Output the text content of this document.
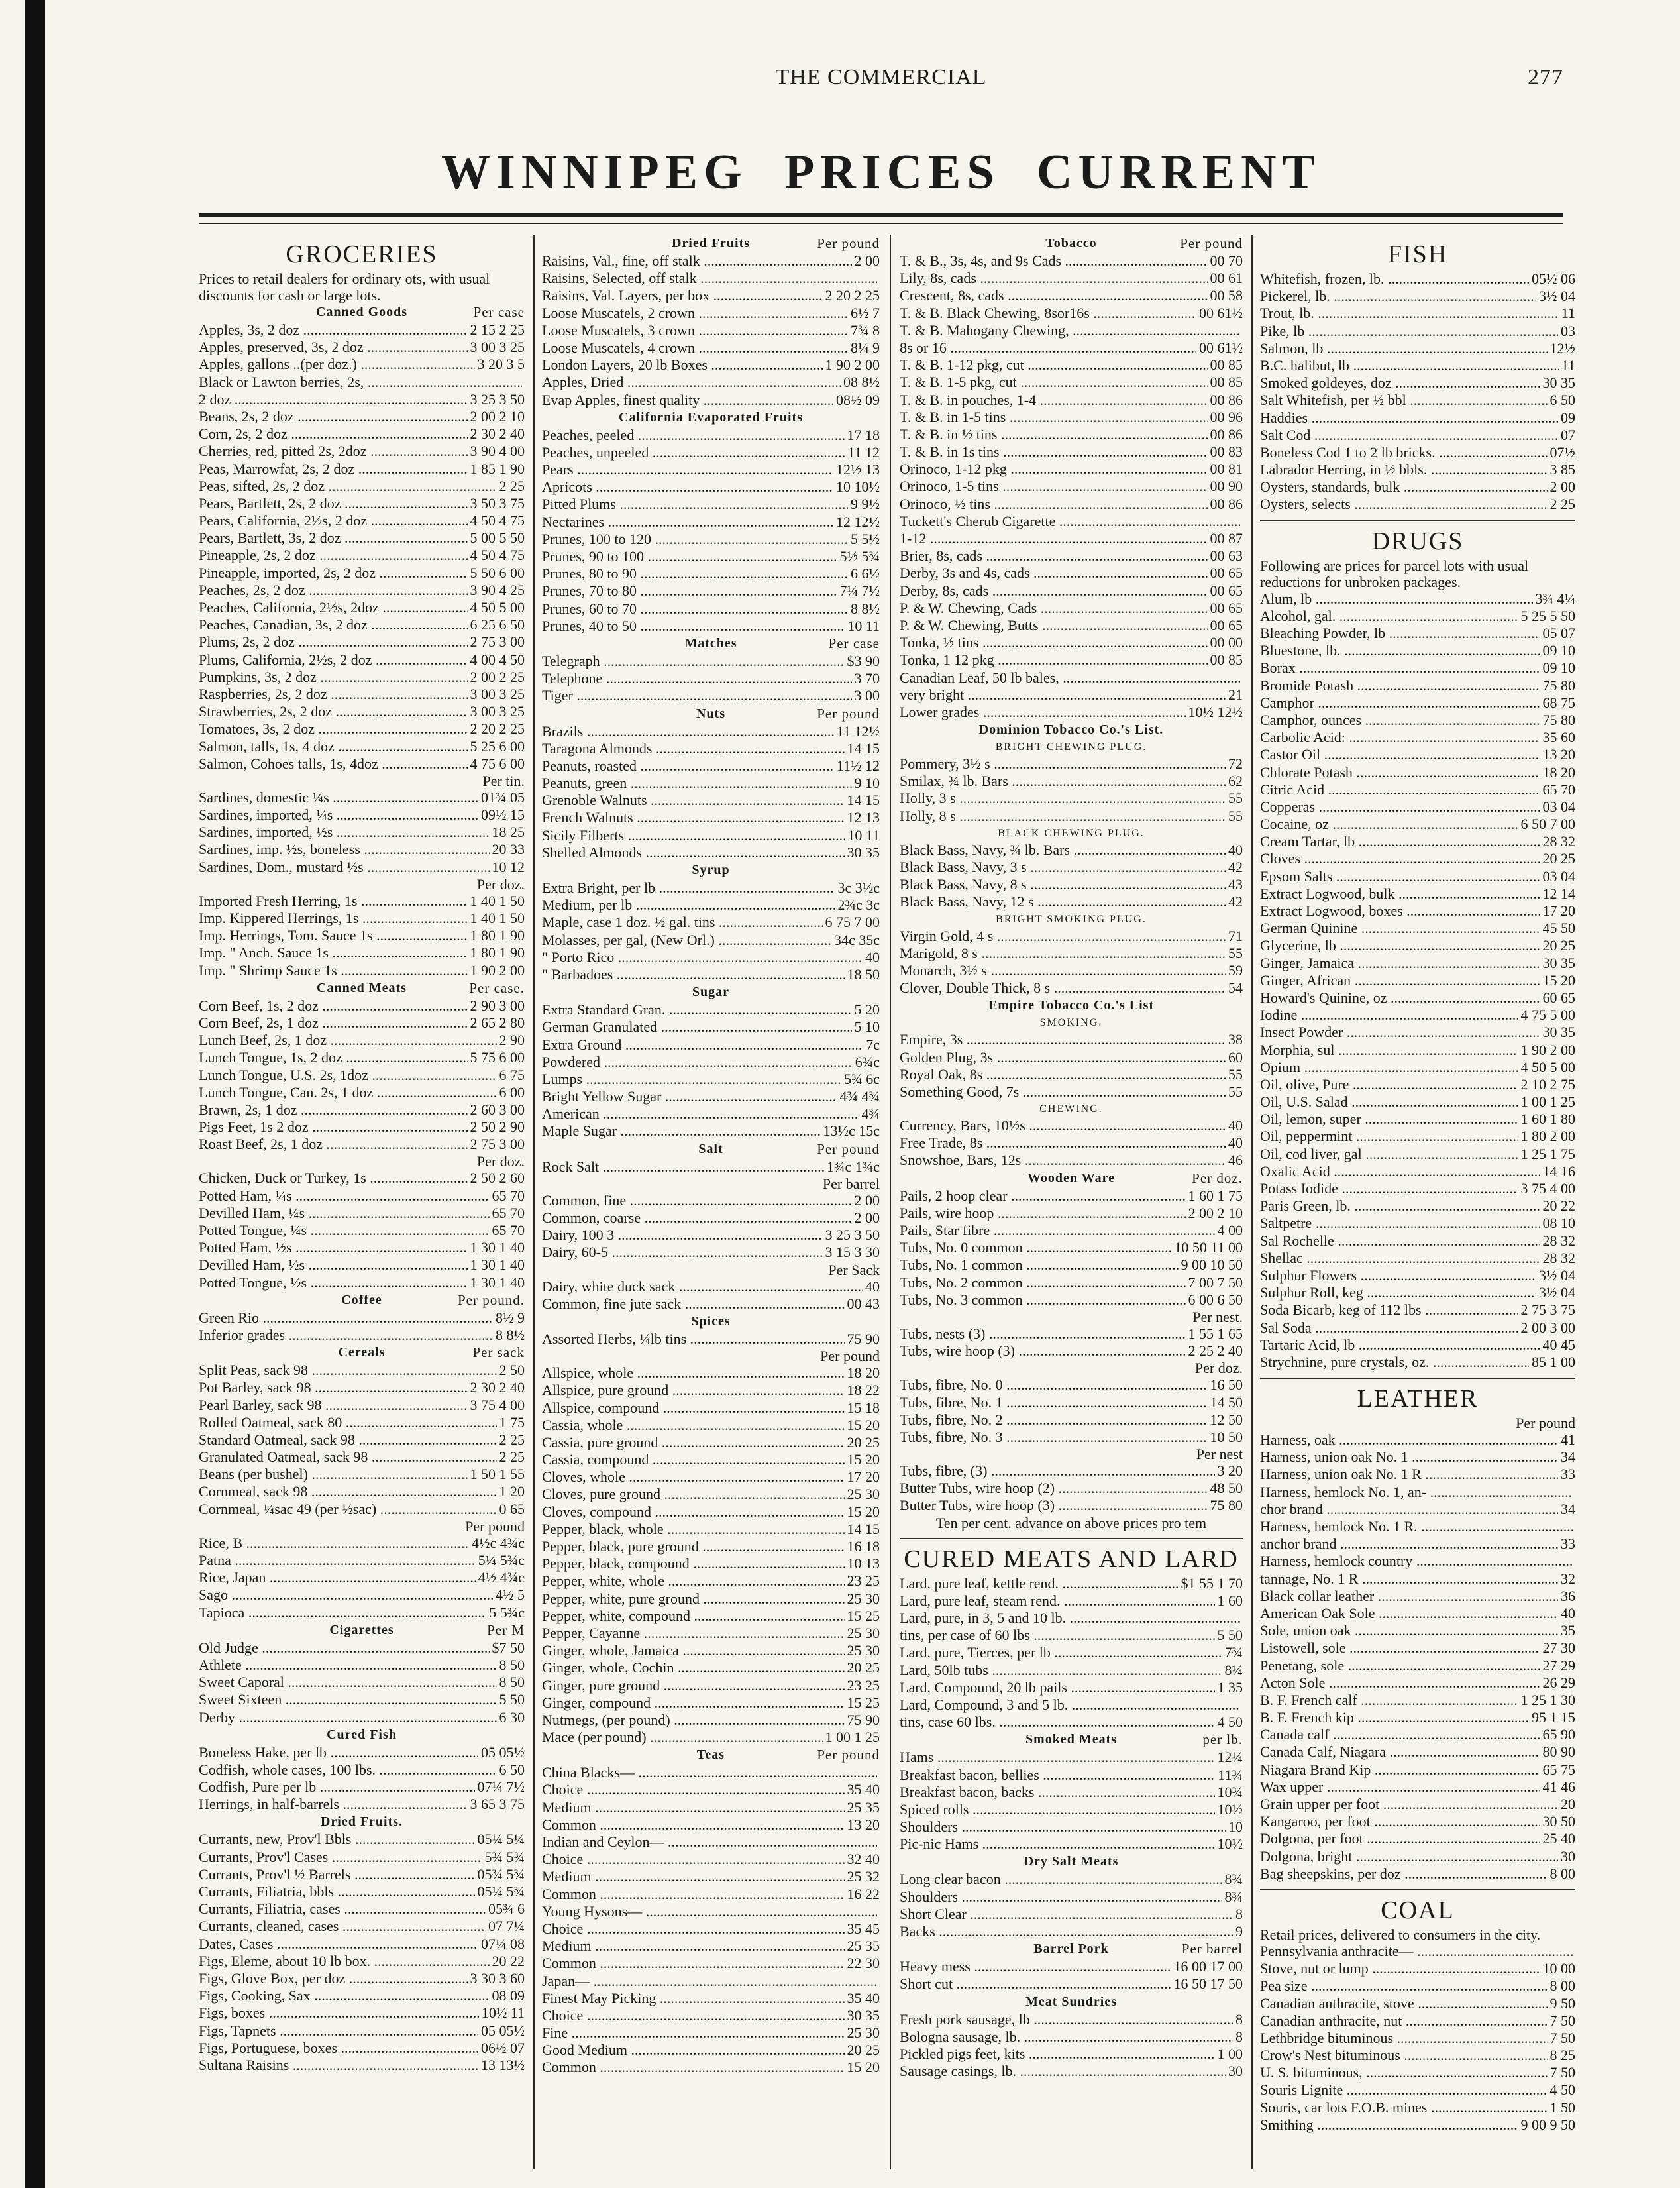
THE COMMERCIAL	277
WINNIPEG PRICES CURRENT
GROCERIES
Prices to retail dealers for ordinary ots, with usual discounts for cash or large lots.
Canned Goods	Per case
Apples, 3s, 2 doz .....	2 15 2 25
Apples, preserved, 3s, 2 doz .....	3 00 3 25
Apples, gallons ..(per doz.) .....	3 20 3 5
Black or Lawton berries, 2s, .....
2 doz .....	3 25 3 50
Beans, 2s, 2 doz .....	2 00 2 10
Corn, 2s, 2 doz .....	2 30 2 40
Cherries, red, pitted 2s, 2doz .....	3 90 4 00
Peas, Marrowfat, 2s, 2 doz .....	1 85 1 90
Peas, sifted, 2s, 2 doz .....	2 25
Pears, Bartlett, 2s, 2 doz .....	3 50 3 75
Pears, California, 2½s, 2 doz .....	4 50 4 75
Pears, Bartlett, 3s, 2 doz .....	5 00 5 50
Pineapple, 2s, 2 doz .....	4 50 4 75
Pineapple, imported, 2s, 2 doz .....	5 50 6 00
Peaches, 2s, 2 doz .....	3 90 4 25
Peaches, California, 2½s, 2doz .....	4 50 5 00
Peaches, Canadian, 3s, 2 doz .....	6 25 6 50
Plums, 2s, 2 doz .....	2 75 3 00
Plums, California, 2½s, 2 doz .....	4 00 4 50
Pumpkins, 3s, 2 doz .....	2 00 2 25
Raspberries, 2s, 2 doz .....	3 00 3 25
Strawberries, 2s, 2 doz .....	3 00 3 25
Tomatoes, 3s, 2 doz .....	2 20 2 25
Salmon, talls, 1s, 4 doz .....	5 25 6 00
Salmon, Cohoes talls, 1s, 4doz .....	4 75 6 00
Per tin.
Sardines, domestic ¼s .....	01¾ 05
Sardines, imported, ¼s .....	09½ 15
Sardines, imported, ½s .....	18 25
Sardines, imp. ½s, boneless .....	20 33
Sardines, Dom., mustard ½s .....	10 12
Per doz.
Imported Fresh Herring, 1s .....	1 40 1 50
Imp. Kippered Herrings, 1s .....	1 40 1 50
Imp. Herrings, Tom. Sauce 1s .....	1 80 1 90
Imp. " Anch. Sauce 1s .....	1 80 1 90
Imp. " Shrimp Sauce 1s .....	1 90 2 00
Canned Meats	Per case.
Corn Beef, 1s, 2 doz .....	2 90 3 00
Corn Beef, 2s, 1 doz .....	2 65 2 80
Lunch Beef, 2s, 1 doz .....	2 90
Lunch Tongue, 1s, 2 doz .....	5 75 6 00
Lunch Tongue, U.S. 2s, 1doz .....	6 75
Lunch Tongue, Can. 2s, 1 doz .....	6 00
Brawn, 2s, 1 doz .....	2 60 3 00
Pigs Feet, 1s 2 doz .....	2 50 2 90
Roast Beef, 2s, 1 doz .....	2 75 3 00
Per doz.
Chicken, Duck or Turkey, 1s .....	2 50 2 60
Potted Ham, ¼s .....	65 70
Devilled Ham, ¼s .....	65 70
Potted Tongue, ¼s .....	65 70
Potted Ham, ½s .....	1 30 1 40
Devilled Ham, ½s .....	1 30 1 40
Potted Tongue, ½s .....	1 30 1 40
Coffee	Per pound.
Green Rio .....	8½ 9
Inferior grades .....	8 8½
Cereals	Per sack
Split Peas, sack 98 .....	2 50
Pot Barley, sack 98 .....	2 30 2 40
Pearl Barley, sack 98 .....	3 75 4 00
Rolled Oatmeal, sack 80 .....	1 75
Standard Oatmeal, sack 98 .....	2 25
Granulated Oatmeal, sack 98 .....	2 25
Beans (per bushel) .....	1 50 1 55
Cornmeal, sack 98 .....	1 20
Cornmeal, ¼sac 49 (per ½sac) .....	0 65
Per pound
Rice, B .....	4½c 4¾c
Patna .....	5¼ 5¾c
Rice, Japan .....	4½ 4¾c
Sago .....	4½ 5
Tapioca .....	5 5¾c
Cigarettes	Per M
Old Judge .....	$7 50
Athlete .....	8 50
Sweet Caporal .....	8 50
Sweet Sixteen .....	5 50
Derby .....	6 30
Cured Fish
Boneless Hake, per lb .....	05 05½
Codfish, whole cases, 100 lbs. .....	6 50
Codfish, Pure per lb .....	07¼ 7½
Herrings, in half-barrels .....	3 65 3 75
Dried Fruits.
Currants, new, Prov'l Bbls .....	05¼ 5¼
Currants, Prov'l Cases .....	5¾ 5¾
Currants, Prov'l ½ Barrels .....	05¾ 5¾
Currants, Filiatria, bbls .....	05¼ 5¾
Currants, Filiatria, cases .....	05¾ 6
Currants, cleaned, cases .....	07 7¼
Dates, Cases .....	07¼ 08
Figs, Eleme, about 10 lb box. .....	20 22
Figs, Glove Box, per doz .....	3 30 3 60
Figs, Cooking, Sax .....	08 09
Figs, boxes .....	10½ 11
Figs, Tapnets .....	05 05½
Figs, Portuguese, boxes .....	06½ 07
Sultana Raisins .....	13 13½
Dried Fruits	Per pound
Raisins, Val., fine, off stalk .....	2 00
Raisins, Selected, off stalk .....
Raisins, Val. Layers, per box .....	2 20 2 25
Loose Muscatels, 2 crown .....	6½ 7
Loose Muscatels, 3 crown .....	7¾ 8
Loose Muscatels, 4 crown .....	8¼ 9
London Layers, 20 lb Boxes .....	1 90 2 00
Apples, Dried .....	08 8½
Evap Apples, finest quality .....	08½ 09
California Evaporated Fruits
Peaches, peeled .....	17 18
Peaches, unpeeled .....	11 12
Pears .....	12½ 13
Apricots .....	10 10½
Pitted Plums .....	9 9½
Nectarines .....	12 12½
Prunes, 100 to 120 .....	5 5½
Prunes, 90 to 100 .....	5½ 5¾
Prunes, 80 to 90 .....	6 6½
Prunes, 70 to 80 .....	7¼ 7½
Prunes, 60 to 70 .....	8 8½
Prunes, 40 to 50 .....	10 11
Matches	Per case
Telegraph .....	$3 90
Telephone .....	3 70
Tiger .....	3 00
Nuts	Per pound
Brazils .....	11 12½
Taragona Almonds .....	14 15
Peanuts, roasted .....	11½ 12
Peanuts, green .....	9 10
Grenoble Walnuts .....	14 15
French Walnuts .....	12 13
Sicily Filberts .....	10 11
Shelled Almonds .....	30 35
Syrup
Extra Bright, per lb .....	3c 3½c
Medium, per lb .....	2¾c 3c
Maple, case 1 doz. ½ gal. tins .....	6 75 7 00
Molasses, per gal, (New Orl.) .....	34c 35c
" Porto Rico .....	40
" Barbadoes .....	18 50
Sugar
Extra Standard Gran. .....	5 20
German Granulated .....	5 10
Extra Ground .....	7c
Powdered .....	6¾c
Lumps .....	5¾ 6c
Bright Yellow Sugar .....	4¾ 4¾
American .....	4¾
Maple Sugar .....	13½c 15c
Salt	Per pound
Rock Salt .....	1¾c 1¾c
Per barrel
Common, fine .....	2 00
Common, coarse .....	2 00
Dairy, 100 3 .....	3 25 3 50
Dairy, 60-5 .....	3 15 3 30
Per Sack
Dairy, white duck sack .....	40
Common, fine jute sack .....	00 43
Spices
Assorted Herbs, ¼lb tins .....	75 90
Per pound
Allspice, whole .....	18 20
Allspice, pure ground .....	18 22
Allspice, compound .....	15 18
Cassia, whole .....	15 20
Cassia, pure ground .....	20 25
Cassia, compound .....	15 20
Cloves, whole .....	17 20
Cloves, pure ground .....	25 30
Cloves, compound .....	15 20
Pepper, black, whole .....	14 15
Pepper, black, pure ground .....	16 18
Pepper, black, compound .....	10 13
Pepper, white, whole .....	23 25
Pepper, white, pure ground .....	25 30
Pepper, white, compound .....	15 25
Pepper, Cayanne .....	25 30
Ginger, whole, Jamaica .....	25 30
Ginger, whole, Cochin .....	20 25
Ginger, pure ground .....	23 25
Ginger, compound .....	15 25
Nutmegs, (per pound) .....	75 90
Mace (per pound) .....	1 00 1 25
Teas	Per pound
China Blacks— .....
Choice .....	35 40
Medium .....	25 35
Common .....	13 20
Indian and Ceylon— .....
Choice .....	32 40
Medium .....	25 32
Common .....	16 22
Young Hysons— .....
Choice .....	35 45
Medium .....	25 35
Common .....	22 30
Japan— .....
Finest May Picking .....	35 40
Choice .....	30 35
Fine .....	25 30
Good Medium .....	20 25
Common .....	15 20
Tobacco	Per pound
T. & B., 3s, 4s, and 9s Cads .....	00 70
Lily, 8s, cads .....	00 61
Crescent, 8s, cads .....	00 58
T. & B. Black Chewing, 8sor16s .....	00 61½
T. & B. Mahogany Chewing, .....
8s or 16 .....	00 61½
T. & B. 1-12 pkg, cut .....	00 85
T. & B. 1-5 pkg, cut .....	00 85
T. & B. in pouches, 1-4 .....	00 86
T. & B. in 1-5 tins .....	00 96
T. & B. in ½ tins .....	00 86
T. & B. in 1s tins .....	00 83
Orinoco, 1-12 pkg .....	00 81
Orinoco, 1-5 tins .....	00 90
Orinoco, ½ tins .....	00 86
Tuckett's Cherub Cigarette .....
1-12 .....	00 87
Brier, 8s, cads .....	00 63
Derby, 3s and 4s, cads .....	00 65
Derby, 8s, cads .....	00 65
P. & W. Chewing, Cads .....	00 65
P. & W. Chewing, Butts .....	00 65
Tonka, ½ tins .....	00 00
Tonka, 1 12 pkg .....	00 85
Canadian Leaf, 50 lb bales, .....
very bright .....	21
Lower grades .....	10½ 12½
Dominion Tobacco Co.'s List.
BRIGHT CHEWING PLUG.
Pommery, 3½ s .....	72
Smilax, ¾ lb. Bars .....	62
Holly, 3 s .....	55
Holly, 8 s .....	55
BLACK CHEWING PLUG.
Black Bass, Navy, ¾ lb. Bars .....	40
Black Bass, Navy, 3 s .....	42
Black Bass, Navy, 8 s .....	43
Black Bass, Navy, 12 s .....	42
BRIGHT SMOKING PLUG.
Virgin Gold, 4 s .....	71
Marigold, 8 s .....	55
Monarch, 3½ s .....	59
Clover, Double Thick, 8 s .....	54
Empire Tobacco Co.'s List
SMOKING.
Empire, 3s .....	38
Golden Plug, 3s .....	60
Royal Oak, 8s .....	55
Something Good, 7s .....	55
CHEWING.
Currency, Bars, 10½s .....	40
Free Trade, 8s .....	40
Snowshoe, Bars, 12s .....	46
Wooden Ware	Per doz.
Pails, 2 hoop clear .....	1 60 1 75
Pails, wire hoop .....	2 00 2 10
Pails, Star fibre .....	4 00
Tubs, No. 0 common .....	10 50 11 00
Tubs, No. 1 common .....	9 00 10 50
Tubs, No. 2 common .....	7 00 7 50
Tubs, No. 3 common .....	6 00 6 50
Per nest.
Tubs, nests (3) .....	1 55 1 65
Tubs, wire hoop (3) .....	2 25 2 40
Per doz.
Tubs, fibre, No. 0 .....	16 50
Tubs, fibre, No. 1 .....	14 50
Tubs, fibre, No. 2 .....	12 50
Tubs, fibre, No. 3 .....	10 50
Per nest
Tubs, fibre, (3) .....	3 20
Butter Tubs, wire hoop (2) .....	48 50
Butter Tubs, wire hoop (3) .....	75 80
Ten per cent. advance on above prices pro tem
CURED MEATS AND LARD
Lard, pure leaf, kettle rend. .....	$1 55 1 70
Lard, pure leaf, steam rend. .....	1 60
Lard, pure, in 3, 5 and 10 lb. .....
tins, per case of 60 lbs .....	5 50
Lard, pure, Tierces, per lb .....	7¾
Lard, 50lb tubs .....	8¼
Lard, Compound, 20 lb pails .....	1 35
Lard, Compound, 3 and 5 lb. .....
tins, case 60 lbs. .....	4 50
Smoked Meats	per lb.
Hams .....	12¼
Breakfast bacon, bellies .....	11¾
Breakfast bacon, backs .....	10¾
Spiced rolls .....	10½
Shoulders .....	10
Pic-nic Hams .....	10½
Dry Salt Meats
Long clear bacon .....	8¾
Shoulders .....	8¾
Short Clear .....	8
Backs .....	9
Barrel Pork	Per barrel
Heavy mess .....	16 00 17 00
Short cut .....	16 50 17 50
Meat Sundries
Fresh pork sausage, lb .....	8
Bologna sausage, lb. .....	8
Pickled pigs feet, kits .....	1 00
Sausage casings, lb. .....	30
FISH
Whitefish, frozen, lb. .....	05½ 06
Pickerel, lb. .....	3½ 04
Trout, lb. .....	11
Pike, lb .....	03
Salmon, lb .....	12½
B.C. halibut, lb .....	11
Smoked goldeyes, doz .....	30 35
Salt Whitefish, per ½ bbl .....	6 50
Haddies .....	09
Salt Cod .....	07
Boneless Cod 1 to 2 lb bricks. .....	07½
Labrador Herring, in ½ bbls. .....	3 85
Oysters, standards, bulk .....	2 00
Oysters, selects .....	2 25
DRUGS
Following are prices for parcel lots with usual reductions for unbroken packages.
Alum, lb .....	3¾ 4¼
Alcohol, gal. .....	5 25 5 50
Bleaching Powder, lb .....	05 07
Bluestone, lb. .....	09 10
Borax .....	09 10
Bromide Potash .....	75 80
Camphor .....	68 75
Camphor, ounces .....	75 80
Carbolic Acid: .....	35 60
Castor Oil .....	13 20
Chlorate Potash .....	18 20
Citric Acid .....	65 70
Copperas .....	03 04
Cocaine, oz .....	6 50 7 00
Cream Tartar, lb .....	28 32
Cloves .....	20 25
Epsom Salts .....	03 04
Extract Logwood, bulk .....	12 14
Extract Logwood, boxes .....	17 20
German Quinine .....	45 50
Glycerine, lb .....	20 25
Ginger, Jamaica .....	30 35
Ginger, African .....	15 20
Howard's Quinine, oz .....	60 65
Iodine .....	4 75 5 00
Insect Powder .....	30 35
Morphia, sul .....	1 90 2 00
Opium .....	4 50 5 00
Oil, olive, Pure .....	2 10 2 75
Oil, U.S. Salad .....	1 00 1 25
Oil, lemon, super .....	1 60 1 80
Oil, peppermint .....	1 80 2 00
Oil, cod liver, gal .....	1 25 1 75
Oxalic Acid .....	14 16
Potass Iodide .....	3 75 4 00
Paris Green, lb. .....	20 22
Saltpetre .....	08 10
Sal Rochelle .....	28 32
Shellac .....	28 32
Sulphur Flowers .....	3½ 04
Sulphur Roll, keg .....	3½ 04
Soda Bicarb, keg of 112 lbs .....	2 75 3 75
Sal Soda .....	2 00 3 00
Tartaric Acid, lb .....	40 45
Strychnine, pure crystals, oz. .....	85 1 00
LEATHER
Per pound
Harness, oak .....	41
Harness, union oak No. 1 .....	34
Harness, union oak No. 1 R .....	33
Harness, hemlock No. 1, an- .....
chor brand .....	34
Harness, hemlock No. 1 R. .....
anchor brand .....	33
Harness, hemlock country .....
tannage, No. 1 R .....	32
Black collar leather .....	36
American Oak Sole .....	40
Sole, union oak .....	35
Listowell, sole .....	27 30
Penetang, sole .....	27 29
Acton Sole .....	26 29
B. F. French calf .....	1 25 1 30
B. F. French kip .....	95 1 15
Canada calf .....	65 90
Canada Calf, Niagara .....	80 90
Niagara Brand Kip .....	65 75
Wax upper .....	41 46
Grain upper per foot .....	20
Kangaroo, per foot .....	30 50
Dolgona, per foot .....	25 40
Dolgona, bright .....	30
Bag sheepskins, per doz .....	8 00
COAL
Retail prices, delivered to consumers in the city.
Pennsylvania anthracite— .....
Stove, nut or lump .....	10 00
Pea size .....	8 00
Canadian anthracite, stove .....	9 50
Canadian anthracite, nut .....	7 50
Lethbridge bituminous .....	7 50
Crow's Nest bituminous .....	8 25
U. S. bituminous, .....	7 50
Souris Lignite .....	4 50
Souris, car lots F.O.B. mines .....	1 50
Smithing .....	9 00 9 50
